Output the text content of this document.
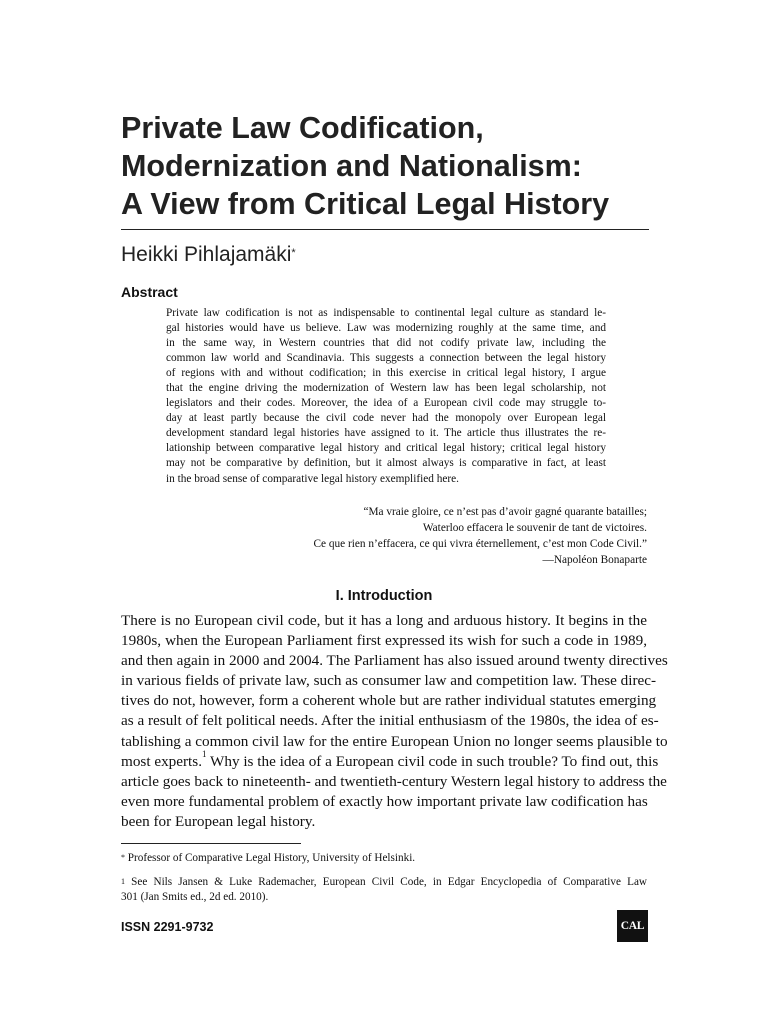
Private Law Codification,
Modernization and Nationalism:
A View from Critical Legal History
Heikki Pihlajamäki*
Abstract
Private law codification is not as indispensable to continental legal culture as standard le-
gal histories would have us believe. Law was modernizing roughly at the same time, and
in the same way, in Western countries that did not codify private law, including the
common law world and Scandinavia. This suggests a connection between the legal history
of regions with and without codification; in this exercise in critical legal history, I argue
that the engine driving the modernization of Western law has been legal scholarship, not
legislators and their codes. Moreover, the idea of a European civil code may struggle to-
day at least partly because the civil code never had the monopoly over European legal
development standard legal histories have assigned to it. The article thus illustrates the re-
lationship between comparative legal history and critical legal history; critical legal history
may not be comparative by definition, but it almost always is comparative in fact, at least
in the broad sense of comparative legal history exemplified here.
“Ma vraie gloire, ce n’est pas d’avoir gagné quarante batailles;
Waterloo effacera le souvenir de tant de victoires.
Ce que rien n’effacera, ce qui vivra éternellement, c’est mon Code Civil.”
—Napoléon Bonaparte
I. Introduction
There is no European civil code, but it has a long and arduous history. It begins in the
1980s, when the European Parliament first expressed its wish for such a code in 1989,
and then again in 2000 and 2004. The Parliament has also issued around twenty directives
in various fields of private law, such as consumer law and competition law. These direc-
tives do not, however, form a coherent whole but are rather individual statutes emerging
as a result of felt political needs. After the initial enthusiasm of the 1980s, the idea of es-
tablishing a common civil law for the entire European Union no longer seems plausible to
most experts.$^1$ Why is the idea of a European civil code in such trouble? To find out, this
article goes back to nineteenth- and twentieth-century Western legal history to address the
even more fundamental problem of exactly how important private law codification has
been for European legal history.
* Professor of Comparative Legal History, University of Helsinki.
$^1$ See Nils Jansen & Luke Rademacher, European Civil Code, in Edgar Encyclopedia of Comparative Law
301 (Jan Smits ed., 2d ed. 2010).
ISSN 2291-9732	CAL
